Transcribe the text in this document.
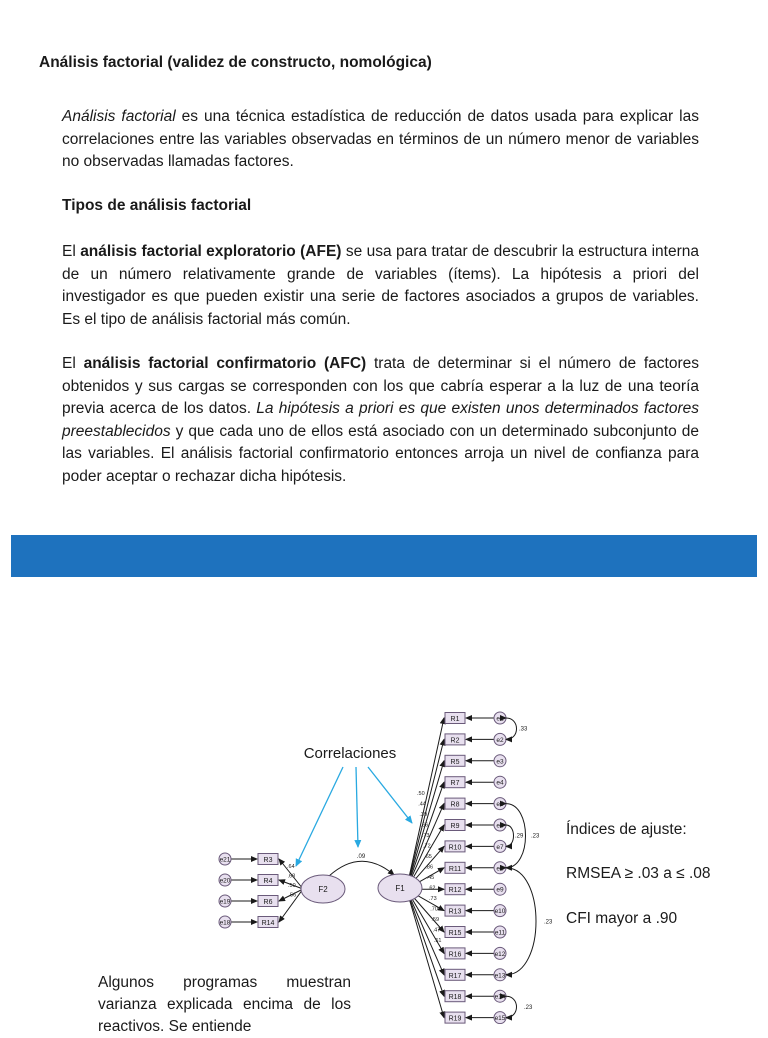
Análisis factorial (validez de constructo, nomológica)

Análisis factorial es una técnica estadística de reducción de datos usada para explicar las correlaciones entre las variables observadas en términos de un número menor de variables no observadas llamadas factores.

Tipos de análisis factorial

El análisis factorial exploratorio (AFE) se usa para tratar de descubrir la estructura interna de un número relativamente grande de variables (ítems). La hipótesis a priori del investigador es que pueden existir una serie de factores asociados a grupos de variables. Es el tipo de análisis factorial más común.

El análisis factorial confirmatorio (AFC) trata de determinar si el número de factores obtenidos y sus cargas se corresponden con los que cabría esperar a la luz de una teoría previa acerca de los datos. La hipótesis a priori es que existen unos determinados factores preestablecidos y que cada uno de ellos está asociado con un determinado subconjunto de las variables. El análisis factorial confirmatorio entonces arroja un nivel de confianza para poder aceptar o rechazar dicha hipótesis.

Correlaciones
R3
e21
.64
R4
e20
.68
R6
e19
.50
R14
e18
.56
R1	e1
.50
R2	e2
.44
R5	e3
.39
R7	e4
.66
R8	e5
.73
R9	e6
.72	R10	e7
.65
R11	e8
.86
R12	e9
.45
R13	e10
.62
R15	e11
.73
R16	e12
.70
R17	e13
.59
R18	e14
.47
R19	e15
.51
.33
.29 .23
.23
.23
.09
F1
F2
Índices de ajuste:
RMSEA ≥ .03 a ≤ .08
CFI mayor a .90

Algunos programas muestran varianza explicada encima de los reactivos. Se entiende
